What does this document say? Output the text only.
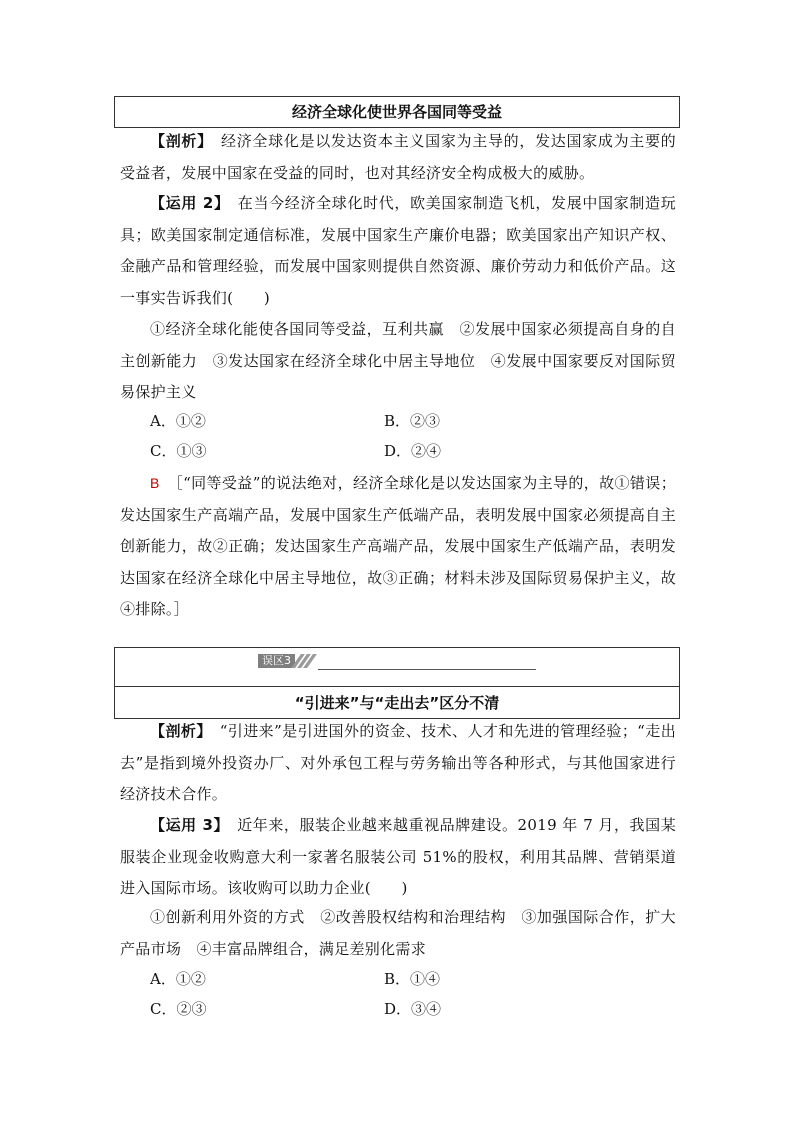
经济全球化使世界各国同等受益
【剖析】　经济全球化是以发达资本主义国家为主导的，发达国家成为主要的受益者，发展中国家在受益的同时，也对其经济安全构成极大的威胁。
【运用 2】　在当今经济全球化时代，欧美国家制造飞机，发展中国家制造玩具；欧美国家制定通信标准，发展中国家生产廉价电器；欧美国家出产知识产权、金融产品和管理经验，而发展中国家则提供自然资源、廉价劳动力和低价产品。这一事实告诉我们(　　)
①经济全球化能使各国同等受益，互利共赢　②发展中国家必须提高自身的自主创新能力　③发达国家在经济全球化中居主导地位　④发展中国家要反对国际贸易保护主义
A．①②	B．②③
C．①③	D．②④
B ［“同等受益”的说法绝对，经济全球化是以发达国家为主导的，故①错误；发达国家生产高端产品，发展中国家生产低端产品，表明发展中国家必须提高自主创新能力，故②正确；发达国家生产高端产品，发展中国家生产低端产品，表明发达国家在经济全球化中居主导地位，故③正确；材料未涉及国际贸易保护主义，故④排除。］
“引进来”与“走出去”区分不清
误区3
【剖析】　“引进来”是引进国外的资金、技术、人才和先进的管理经验；“走出去”是指到境外投资办厂、对外承包工程与劳务输出等各种形式，与其他国家进行经济技术合作。
【运用 3】　近年来，服装企业越来越重视品牌建设。2019 年 7 月，我国某服装企业现金收购意大利一家著名服装公司 51%的股权，利用其品牌、营销渠道进入国际市场。该收购可以助力企业(　　)
①创新利用外资的方式　②改善股权结构和治理结构　③加强国际合作，扩大产品市场　④丰富品牌组合，满足差别化需求
A．①②	B．①④
C．②③	D．③④
